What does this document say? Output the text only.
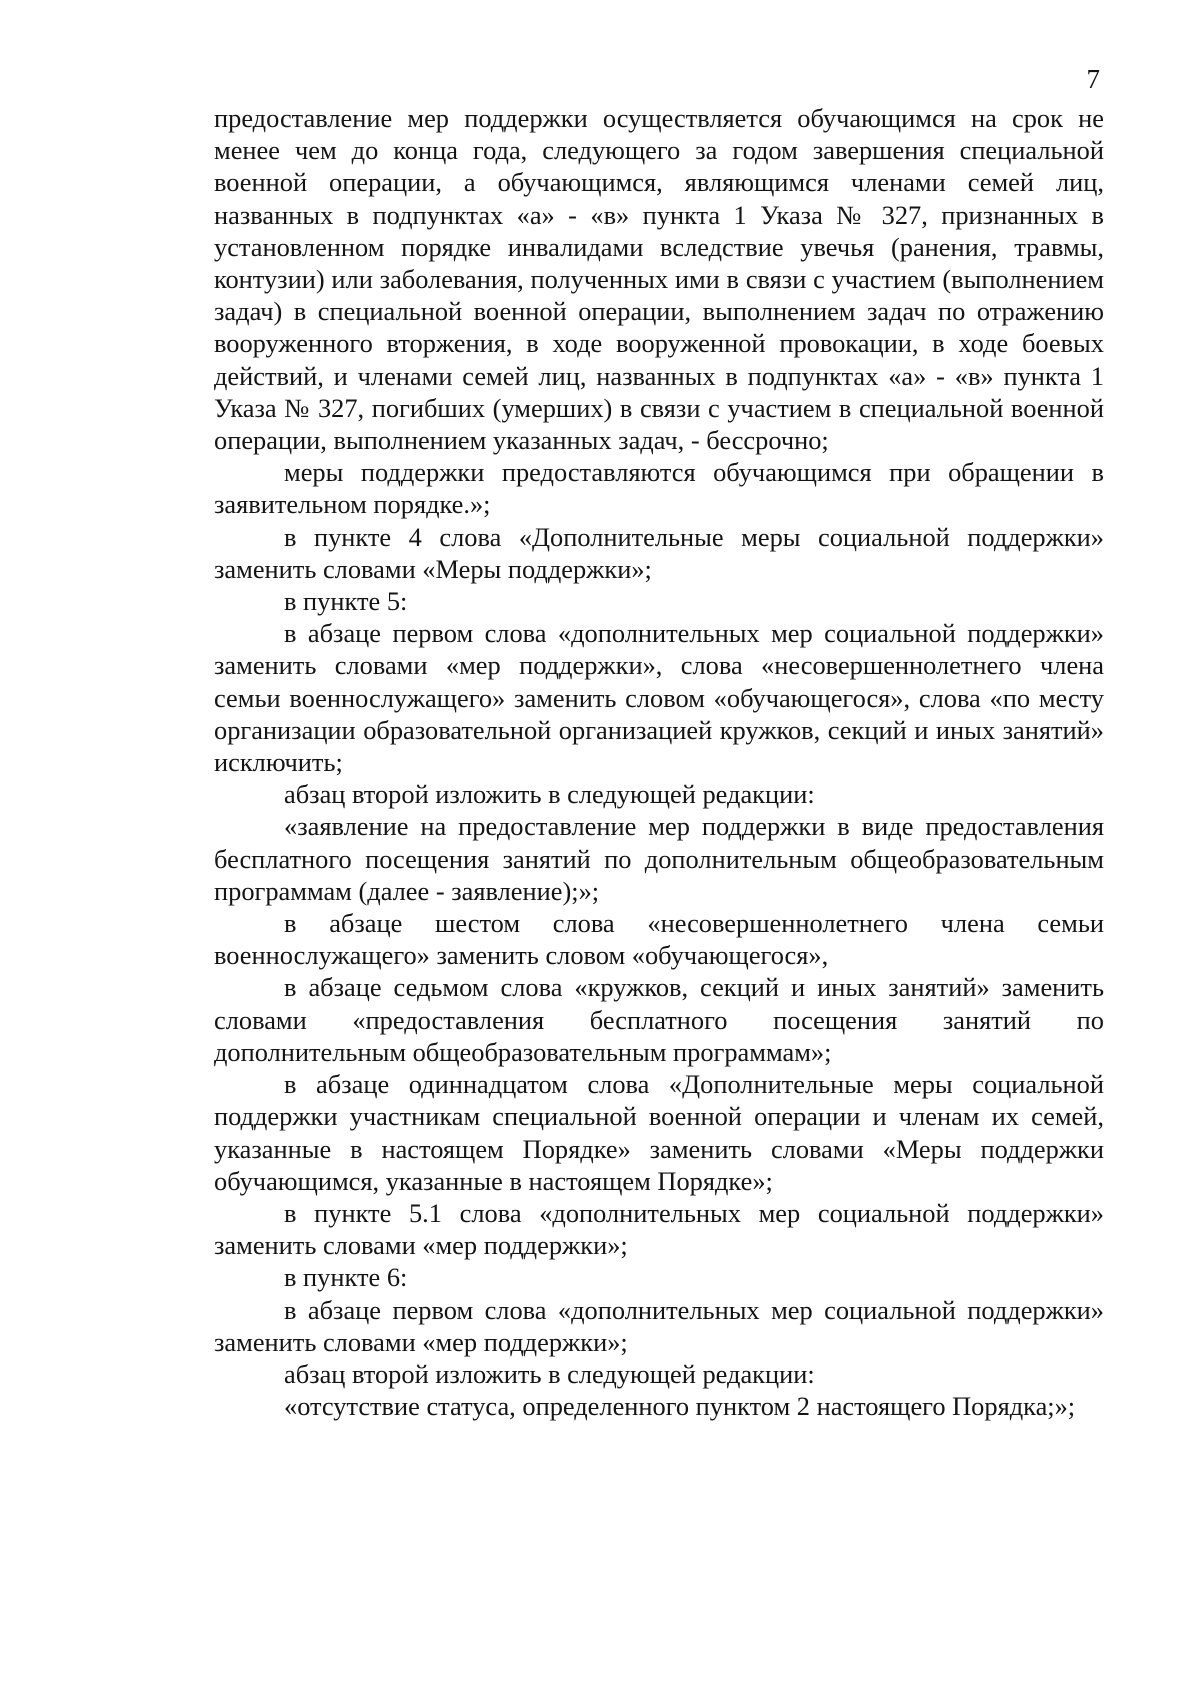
7

предоставление мер поддержки осуществляется обучающимся на срок не менее чем до конца года, следующего за годом завершения специальной военной операции, а обучающимся, являющимся членами семей лиц, названных в подпунктах «а» - «в» пункта 1 Указа № 327, признанных в установленном порядке инвалидами вследствие увечья (ранения, травмы, контузии) или заболевания, полученных ими в связи с участием (выполнением задач) в специальной военной операции, выполнением задач по отражению вооруженного вторжения, в ходе вооруженной провокации, в ходе боевых действий, и членами семей лиц, названных в подпунктах «а» - «в» пункта 1 Указа № 327, погибших (умерших) в связи с участием в специальной военной операции, выполнением указанных задач, - бессрочно;

меры поддержки предоставляются обучающимся при обращении в заявительном порядке.»;

в пункте 4 слова «Дополнительные меры социальной поддержки» заменить словами «Меры поддержки»;

в пункте 5:

в абзаце первом слова «дополнительных мер социальной поддержки» заменить словами «мер поддержки», слова «несовершеннолетнего члена семьи военнослужащего» заменить словом «обучающегося», слова «по месту организации образовательной организацией кружков, секций и иных занятий» исключить;

абзац второй изложить в следующей редакции:

«заявление на предоставление мер поддержки в виде предоставления бесплатного посещения занятий по дополнительным общеобразовательным программам (далее - заявление);»;

в абзаце шестом слова «несовершеннолетнего члена семьи военнослужащего» заменить словом «обучающегося»,

в абзаце седьмом слова «кружков, секций и иных занятий» заменить словами «предоставления бесплатного посещения занятий по дополнительным общеобразовательным программам»;

в абзаце одиннадцатом слова «Дополнительные меры социальной поддержки участникам специальной военной операции и членам их семей, указанные в настоящем Порядке» заменить словами «Меры поддержки обучающимся, указанные в настоящем Порядке»;

в пункте 5.1 слова «дополнительных мер социальной поддержки» заменить словами «мер поддержки»;

в пункте 6:

в абзаце первом слова «дополнительных мер социальной поддержки» заменить словами «мер поддержки»;

абзац второй изложить в следующей редакции:

«отсутствие статуса, определенного пунктом 2 настоящего Порядка;»;
